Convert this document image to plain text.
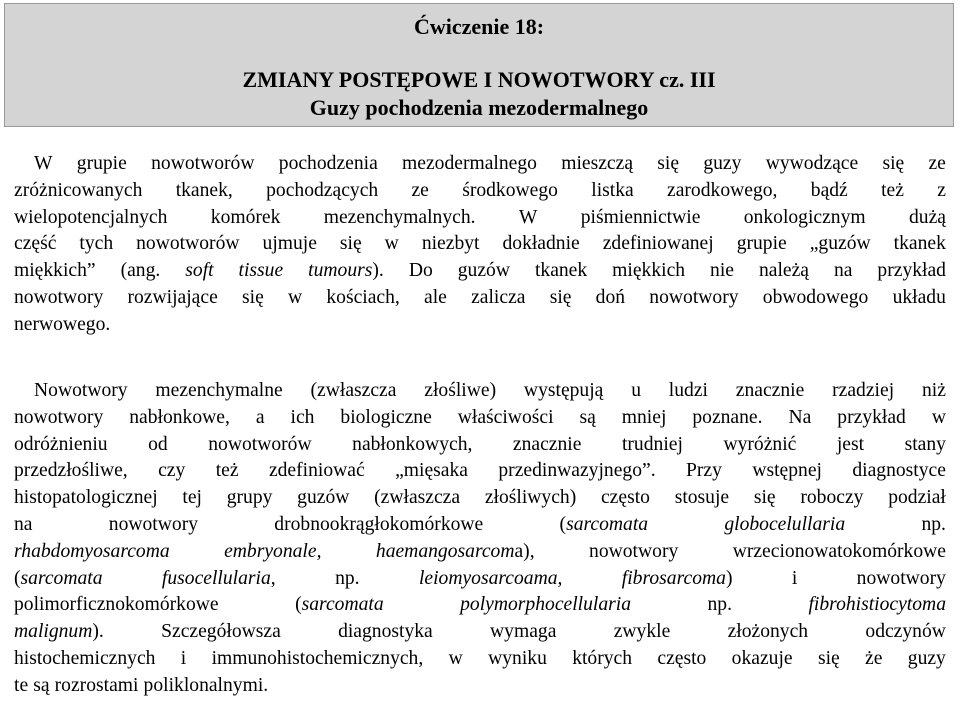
Ćwiczenie 18:
ZMIANY POSTĘPOWE I NOWOTWORY cz. III
Guzy pochodzenia mezodermalnego
W grupie nowotworów pochodzenia mezodermalnego mieszczą się guzy wywodzące się ze
zróżnicowanych tkanek, pochodzących ze środkowego listka zarodkowego, bądź też z
wielopotencjalnych komórek mezenchymalnych. W piśmiennictwie onkologicznym dużą
część tych nowotworów ujmuje się w niezbyt dokładnie zdefiniowanej grupie „guzów tkanek
miękkich” (ang. soft tissue tumours). Do guzów tkanek miękkich nie należą na przykład
nowotwory rozwijające się w kościach, ale zalicza się doń nowotwory obwodowego układu
nerwowego.
Nowotwory mezenchymalne (zwłaszcza złośliwe) występują u ludzi znacznie rzadziej niż
nowotwory nabłonkowe, a ich biologiczne właściwości są mniej poznane. Na przykład w
odróżnieniu od nowotworów nabłonkowych, znacznie trudniej wyróżnić jest stany
przedzłośliwe, czy też zdefiniować „mięsaka przedinwazyjnego”. Przy wstępnej diagnostyce
histopatologicznej tej grupy guzów (zwłaszcza złośliwych) często stosuje się roboczy podział
na	nowotwory	drobnookrągłokomórkowe	(sarcomata	globocelullaria	np.
rhabdomyosarcoma	embryonale,	haemangosarcoma),	nowotwory	wrzecionowatokomórkowe
(sarcomata	fusocellularia,	np.	leiomyosarcoama,	fibrosarcoma)	i	nowotwory
polimorficznokomórkowe	(sarcomata	polymorphocellularia	np.	fibrohistiocytoma
malignum).	Szczegółowsza	diagnostyka	wymaga	zwykle	złożonych	odczynów
histochemicznych i immunohistochemicznych, w wyniku których często okazuje się że guzy
te są rozrostami poliklonalnymi.
